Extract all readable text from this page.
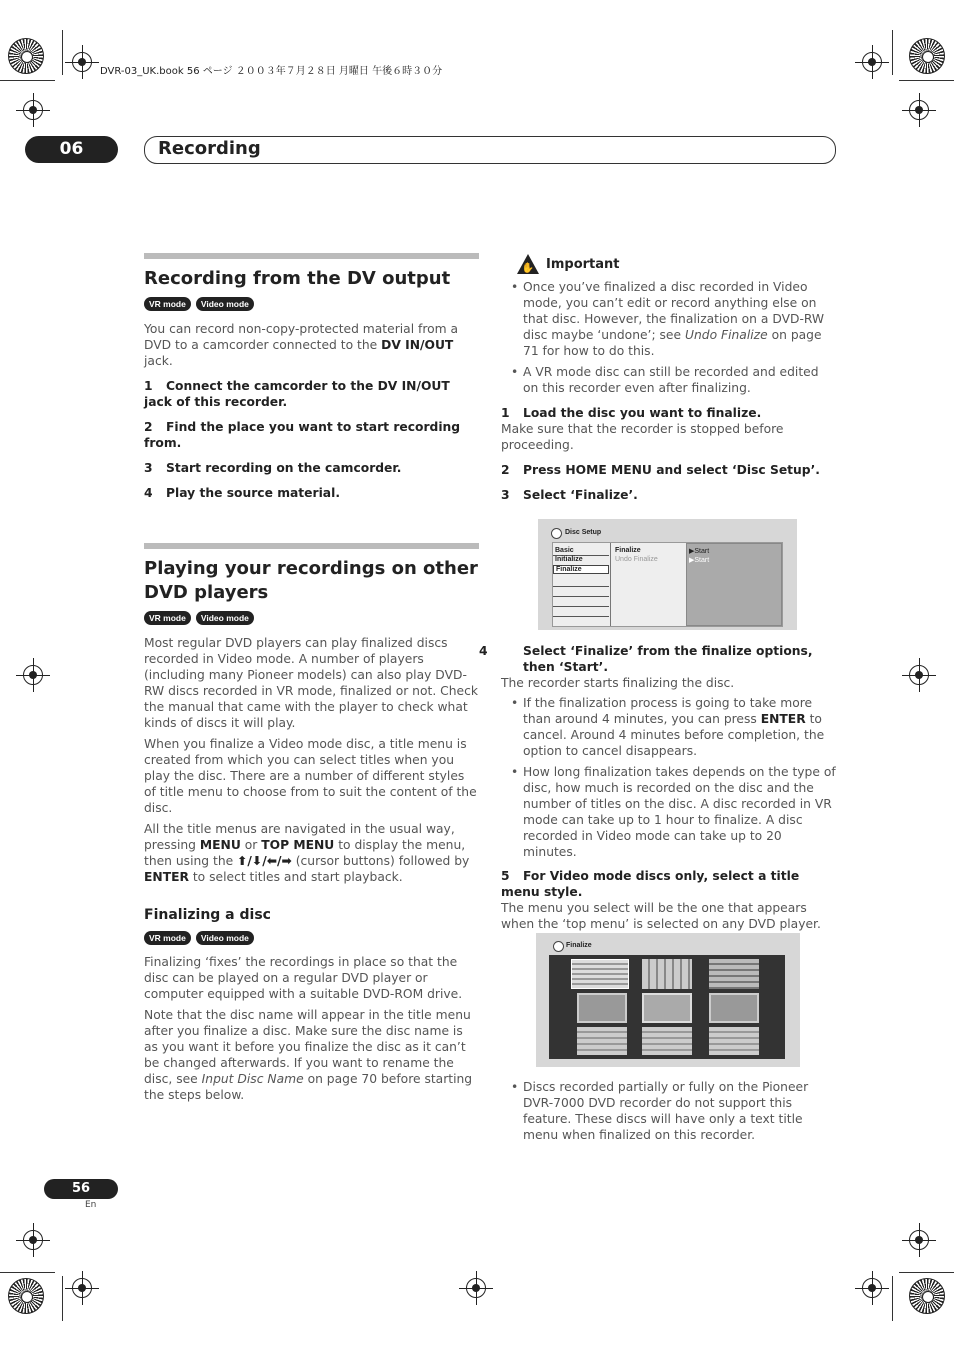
DVR-03_UK.book 56 ページ ２００３年７月２８日 月曜日 午後６時３０分
06	Recording
Recording from the DV output
VR mode	Video mode
You can record non-copy-protected material from a DVD to a camcorder connected to the DV IN/OUT jack.
1 Connect the camcorder to the DV IN/OUT jack of this recorder.
2 Find the place you want to start recording from.
3 Start recording on the camcorder.
4 Play the source material.
Playing your recordings on other DVD players
VR mode	Video mode
Most regular DVD players can play finalized discs recorded in Video mode. A number of players (including many Pioneer models) can also play DVD-RW discs recorded in VR mode, finalized or not. Check the manual that came with the player to check what kinds of discs it will play.
When you finalize a Video mode disc, a title menu is created from which you can select titles when you play the disc. There are a number of different styles of title menu to choose from to suit the content of the disc.
All the title menus are navigated in the usual way, pressing MENU or TOP MENU to display the menu, then using the ⬆/⬇/⬅/➡ (cursor buttons) followed by ENTER to select titles and start playback.
Finalizing a disc
VR mode	Video mode
Finalizing ‘fixes’ the recordings in place so that the disc can be played on a regular DVD player or computer equipped with a suitable DVD-ROM drive.
Note that the disc name will appear in the title menu after you finalize a disc. Make sure the disc name is as you want it before you finalize the disc as it can’t be changed afterwards. If you want to rename the disc, see Input Disc Name on page 70 before starting the steps below.
✋ Important
• Once you’ve finalized a disc recorded in Video mode, you can’t edit or record anything else on that disc. However, the finalization on a DVD-RW disc maybe ‘undone’; see Undo Finalize on page 71 for how to do this.
• A VR mode disc can still be recorded and edited on this recorder even after finalizing.
1 Load the disc you want to finalize.
Make sure that the recorder is stopped before proceeding.
2 Press HOME MENU and select ‘Disc Setup’.
3 Select ‘Finalize’.
Disc Setup
Basic
Initialize
Finalize
Finalize
Undo Finalize
▶Start
▶Start
4	Select ‘Finalize’ from the finalize options, then ‘Start’.
The recorder starts finalizing the disc.
• If the finalization process is going to take more than around 4 minutes, you can press ENTER to cancel. Around 4 minutes before completion, the option to cancel disappears.
• How long finalization takes depends on the type of disc, how much is recorded on the disc and the number of titles on the disc. A disc recorded in VR mode can take up to 1 hour to finalize. A disc recorded in Video mode can take up to 20 minutes.
5 For Video mode discs only, select a title menu style.
The menu you select will be the one that appears when the ‘top menu’ is selected on any DVD player.
Finalize
• Discs recorded partially or fully on the Pioneer DVR-7000 DVD recorder do not support this feature. These discs will have only a text title menu when finalized on this recorder.
56
En
